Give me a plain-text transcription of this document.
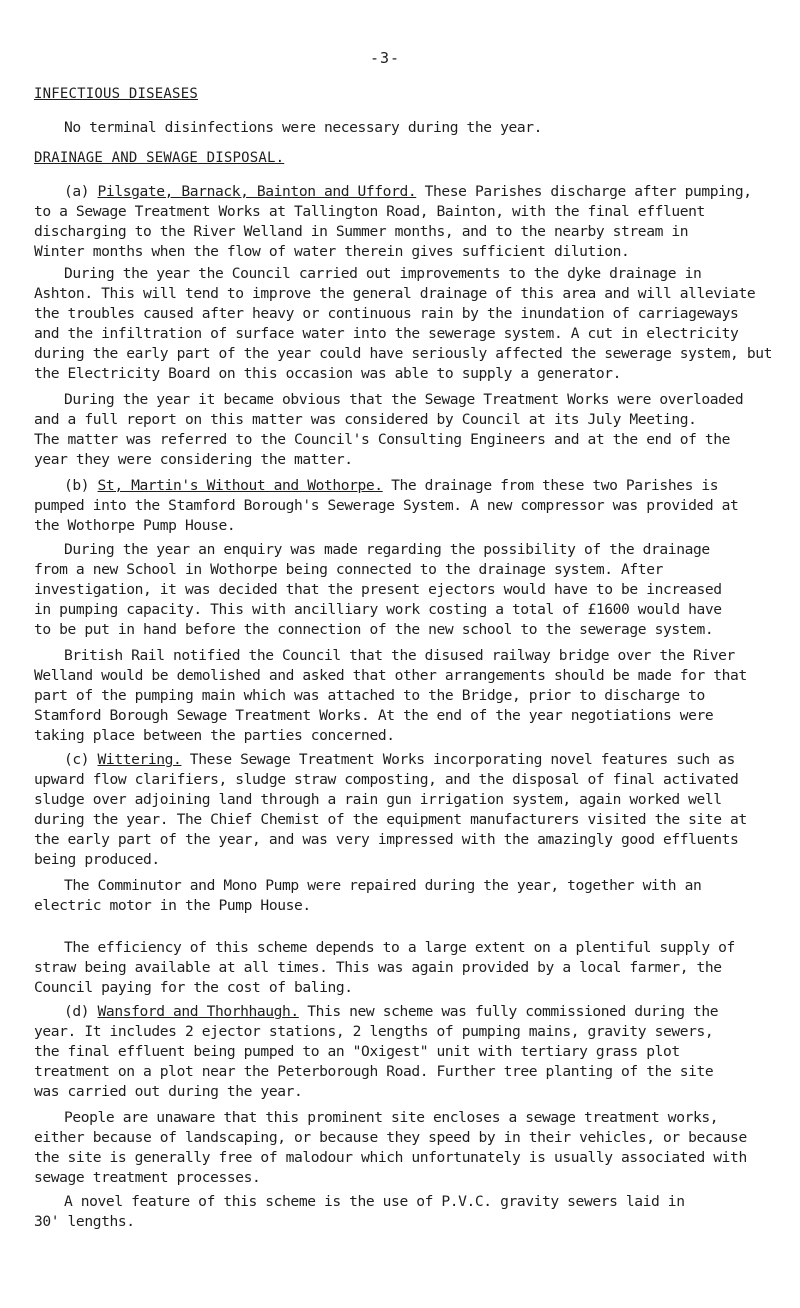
-3-
INFECTIOUS DISEASES

No terminal disinfections were necessary during the year.

DRAINAGE AND SEWAGE DISPOSAL.

(a) Pilsgate, Barnack, Bainton and Ufford. These Parishes discharge after pumping,
to a Sewage Treatment Works at Tallington Road, Bainton, with the final effluent
discharging to the River Welland in Summer months, and to the nearby stream in
Winter months when the flow of water therein gives sufficient dilution.

During the year the Council carried out improvements to the dyke drainage in
Ashton. This will tend to improve the general drainage of this area and will alleviate
the troubles caused after heavy or continuous rain by the inundation of carriageways
and the infiltration of surface water into the sewerage system. A cut in electricity
during the early part of the year could have seriously affected the sewerage system, but
the Electricity Board on this occasion was able to supply a generator.

During the year it became obvious that the Sewage Treatment Works were overloaded
and a full report on this matter was considered by Council at its July Meeting.
The matter was referred to the Council's Consulting Engineers and at the end of the
year they were considering the matter.

(b) St, Martin's Without and Wothorpe. The drainage from these two Parishes is
pumped into the Stamford Borough's Sewerage System. A new compressor was provided at
the Wothorpe Pump House.

During the year an enquiry was made regarding the possibility of the drainage
from a new School in Wothorpe being connected to the drainage system. After
investigation, it was decided that the present ejectors would have to be increased
in pumping capacity. This with ancilliary work costing a total of £1600 would have
to be put in hand before the connection of the new school to the sewerage system.

British Rail notified the Council that the disused railway bridge over the River
Welland would be demolished and asked that other arrangements should be made for that
part of the pumping main which was attached to the Bridge, prior to discharge to
Stamford Borough Sewage Treatment Works. At the end of the year negotiations were
taking place between the parties concerned.

(c) Wittering. These Sewage Treatment Works incorporating novel features such as
upward flow clarifiers, sludge straw composting, and the disposal of final activated
sludge over adjoining land through a rain gun irrigation system, again worked well
during the year. The Chief Chemist of the equipment manufacturers visited the site at
the early part of the year, and was very impressed with the amazingly good effluents
being produced.

The Comminutor and Mono Pump were repaired during the year, together with an
electric motor in the Pump House.

The efficiency of this scheme depends to a large extent on a plentiful supply of
straw being available at all times. This was again provided by a local farmer, the
Council paying for the cost of baling.

(d) Wansford and Thorhhaugh. This new scheme was fully commissioned during the
year. It includes 2 ejector stations, 2 lengths of pumping mains, gravity sewers,
the final effluent being pumped to an "Oxigest" unit with tertiary grass plot
treatment on a plot near the Peterborough Road. Further tree planting of the site
was carried out during the year.

People are unaware that this prominent site encloses a sewage treatment works,
either because of landscaping, or because they speed by in their vehicles, or because
the site is generally free of malodour which unfortunately is usually associated with
sewage treatment processes.

A novel feature of this scheme is the use of P.V.C. gravity sewers laid in
30' lengths.
